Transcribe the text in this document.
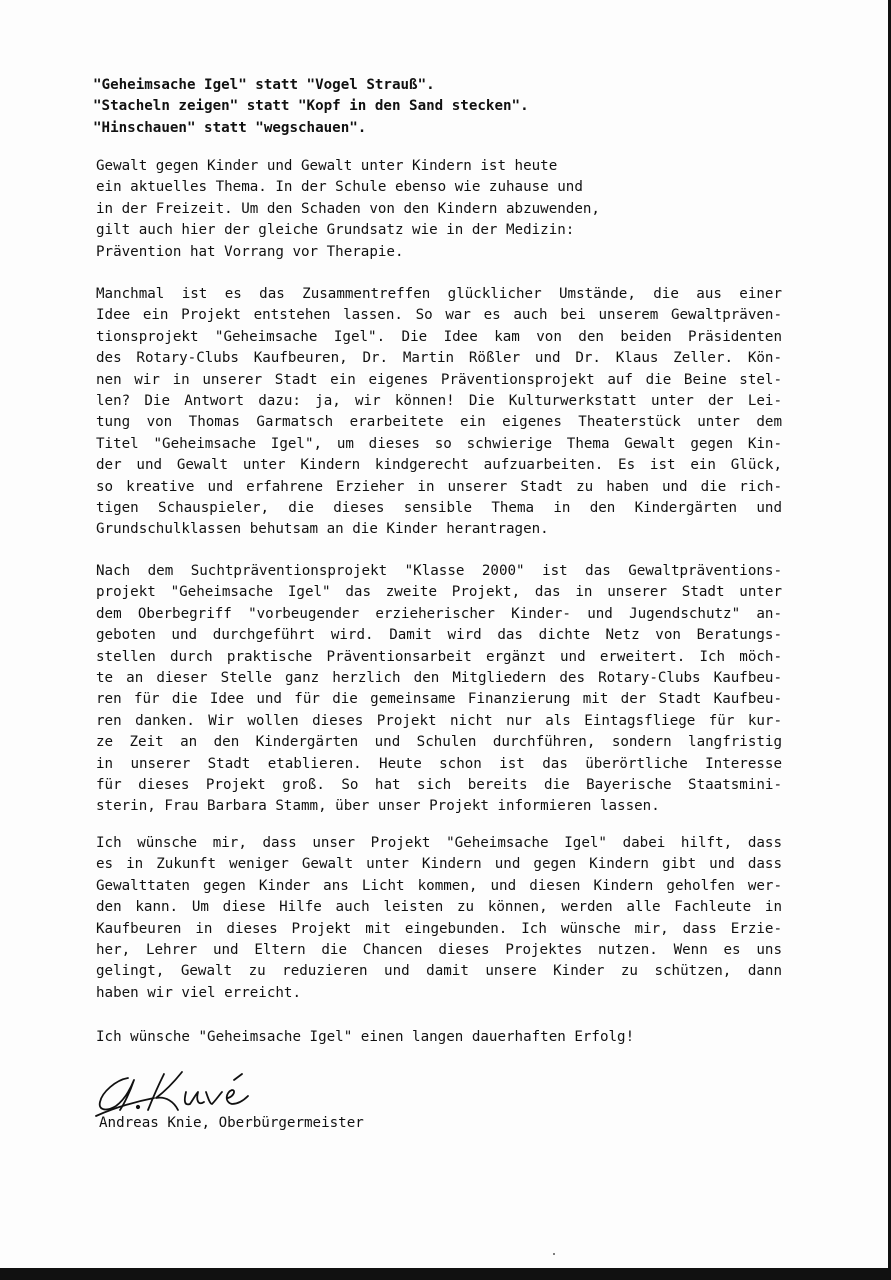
"Geheimsache Igel" statt "Vogel Strauß".
"Stacheln zeigen" statt "Kopf in den Sand stecken".
"Hinschauen" statt "wegschauen".
Gewalt gegen Kinder und Gewalt unter Kindern ist heute
ein aktuelles Thema. In der Schule ebenso wie zuhause und
in der Freizeit. Um den Schaden von den Kindern abzuwenden,
gilt auch hier der gleiche Grundsatz wie in der Medizin:
Prävention hat Vorrang vor Therapie.
Manchmal ist es das Zusammentreffen glücklicher Umstände, die aus einer
Idee ein Projekt entstehen lassen. So war es auch bei unserem Gewaltpräven-
tionsprojekt "Geheimsache Igel". Die Idee kam von den beiden Präsidenten
des Rotary-Clubs Kaufbeuren, Dr. Martin Rößler und Dr. Klaus Zeller. Kön-
nen wir in unserer Stadt ein eigenes Präventionsprojekt auf die Beine stel-
len? Die Antwort dazu: ja, wir können! Die Kulturwerkstatt unter der Lei-
tung von Thomas Garmatsch erarbeitete ein eigenes Theaterstück unter dem
Titel "Geheimsache Igel", um dieses so schwierige Thema Gewalt gegen Kin-
der und Gewalt unter Kindern kindgerecht aufzuarbeiten. Es ist ein Glück,
so kreative und erfahrene Erzieher in unserer Stadt zu haben und die rich-
tigen Schauspieler, die dieses sensible Thema in den Kindergärten und
Grundschulklassen behutsam an die Kinder herantragen.
Nach dem Suchtpräventionsprojekt "Klasse 2000" ist das Gewaltpräventions-
projekt "Geheimsache Igel" das zweite Projekt, das in unserer Stadt unter
dem Oberbegriff "vorbeugender erzieherischer Kinder- und Jugendschutz" an-
geboten und durchgeführt wird. Damit wird das dichte Netz von Beratungs-
stellen durch praktische Präventionsarbeit ergänzt und erweitert. Ich möch-
te an dieser Stelle ganz herzlich den Mitgliedern des Rotary-Clubs Kaufbeu-
ren für die Idee und für die gemeinsame Finanzierung mit der Stadt Kaufbeu-
ren danken. Wir wollen dieses Projekt nicht nur als Eintagsfliege für kur-
ze Zeit an den Kindergärten und Schulen durchführen, sondern langfristig
in unserer Stadt etablieren. Heute schon ist das überörtliche Interesse
für dieses Projekt groß. So hat sich bereits die Bayerische Staatsmini-
sterin, Frau Barbara Stamm, über unser Projekt informieren lassen.
Ich wünsche mir, dass unser Projekt "Geheimsache Igel" dabei hilft, dass
es in Zukunft weniger Gewalt unter Kindern und gegen Kindern gibt und dass
Gewalttaten gegen Kinder ans Licht kommen, und diesen Kindern geholfen wer-
den kann. Um diese Hilfe auch leisten zu können, werden alle Fachleute in
Kaufbeuren in dieses Projekt mit eingebunden. Ich wünsche mir, dass Erzie-
her, Lehrer und Eltern die Chancen dieses Projektes nutzen. Wenn es uns
gelingt, Gewalt zu reduzieren und damit unsere Kinder zu schützen, dann
haben wir viel erreicht.
Ich wünsche "Geheimsache Igel" einen langen dauerhaften Erfolg!
Andreas Knie, Oberbürgermeister
